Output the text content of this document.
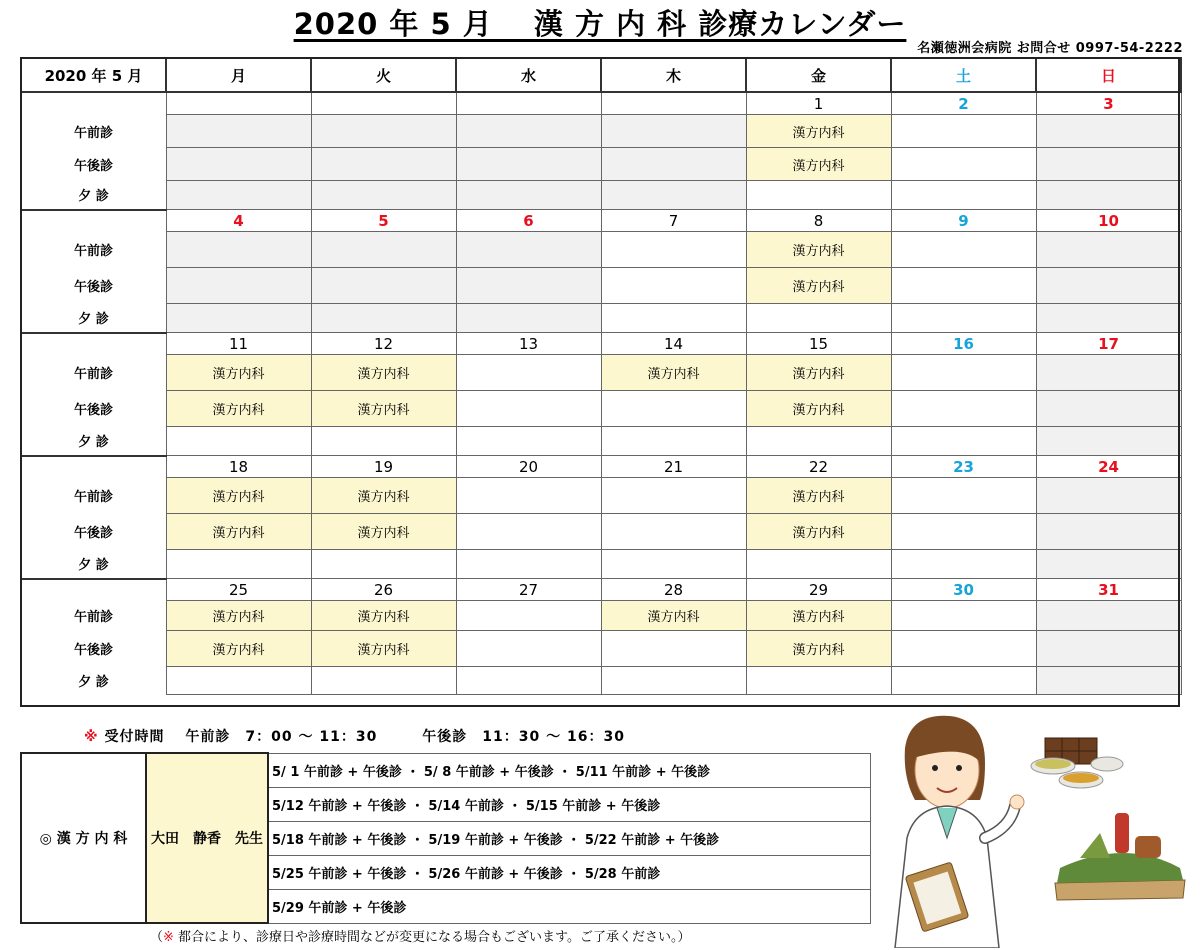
2020 年 5 月　 漢 方 内 科 診療カレンダー
名瀬徳洲会病院 お問合せ 0997-54-2222
2020 年 5 月	月	火	水	木	金	土	日
					1	2	3
午前診					漢方内科		
午後診					漢方内科		
夕 診							
	4	5	6	7	8	9	10
午前診					漢方内科		
午後診					漢方内科		
夕 診							
	11	12	13	14	15	16	17
午前診	漢方内科	漢方内科		漢方内科	漢方内科		
午後診	漢方内科	漢方内科			漢方内科		
夕 診							
	18	19	20	21	22	23	24
午前診	漢方内科	漢方内科			漢方内科		
午後診	漢方内科	漢方内科			漢方内科		
夕 診							
	25	26	27	28	29	30	31
午前診	漢方内科	漢方内科		漢方内科	漢方内科		
午後診	漢方内科	漢方内科			漢方内科		
夕 診							
※ 受付時間　 午前診　7：00 ～ 11：30　　　午後診　11：30 ～ 16：30
◎ 漢 方 内 科	大田　静香　先生	5/ 1 午前診 + 午後診 ・ 5/ 8 午前診 + 午後診 ・ 5/11 午前診 + 午後診
5/12 午前診 + 午後診 ・ 5/14 午前診 ・ 5/15 午前診 + 午後診
5/18 午前診 + 午後診 ・ 5/19 午前診 + 午後診 ・ 5/22 午前診 + 午後診
5/25 午前診 + 午後診 ・ 5/26 午前診 + 午後診 ・ 5/28 午前診
5/29 午前診 + 午後診
（※ 都合により、診療日や診療時間などが変更になる場合もございます。ご了承ください。）
